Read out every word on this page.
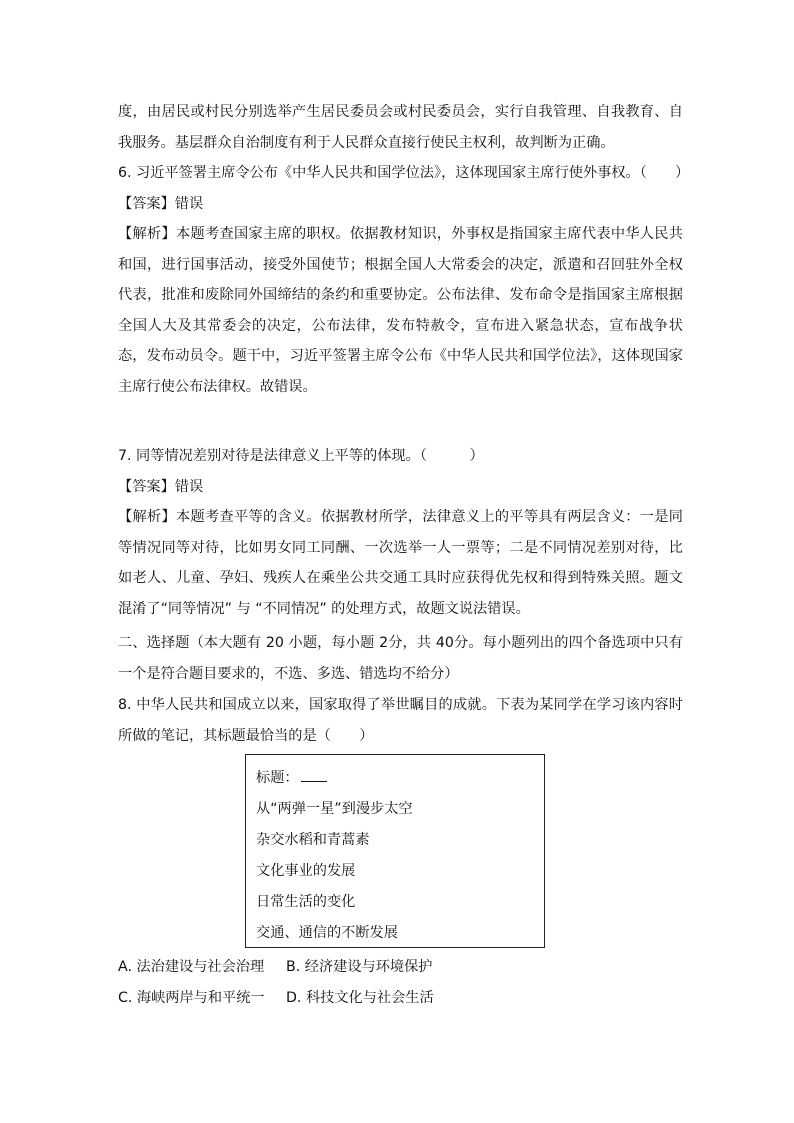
度，由居民或村民分别选举产生居民委员会或村民委员会，实行自我管理、自我教育、自我服务。基层群众自治制度有利于人民群众直接行使民主权利，故判断为正确。

6. 习近平签署主席令公布《中华人民共和国学位法》，这体现国家主席行使外事权。（　　）

【答案】错误

【解析】本题考查国家主席的职权。依据教材知识，外事权是指国家主席代表中华人民共和国，进行国事活动，接受外国使节；根据全国人大常委会的决定，派遣和召回驻外全权代表，批准和废除同外国缔结的条约和重要协定。公布法律、发布命令是指国家主席根据全国人大及其常委会的决定，公布法律，发布特赦令，宣布进入紧急状态，宣布战争状态，发布动员令。题干中，习近平签署主席令公布《中华人民共和国学位法》，这体现国家主席行使公布法律权。故错误。

7. 同等情况差别对待是法律意义上平等的体现。（　　　）

【答案】错误

【解析】本题考查平等的含义。依据教材所学，法律意义上的平等具有两层含义：一是同等情况同等对待，比如男女同工同酬、一次选举一人一票等；二是不同情况差别对待，比如老人、儿童、孕妇、残疾人在乘坐公共交通工具时应获得优先权和得到特殊关照。题文混淆了“同等情况” 与 “不同情况” 的处理方式，故题文说法错误。

二、选择题（本大题有 20 小题，每小题 2分，共 40分。每小题列出的四个备选项中只有一个是符合题目要求的，不选、多选、错选均不给分）

8. 中华人民共和国成立以来，国家取得了举世瞩目的成就。下表为某同学在学习该内容时所做的笔记，其标题最恰当的是（　　）

标题：
从“两弹一星”到漫步太空
杂交水稻和青蒿素
文化事业的发展
日常生活的变化
交通、通信的不断发展
A. 法治建设与社会治理 B. 经济建设与环境保护
C. 海峡两岸与和平统一 D. 科技文化与社会生活
